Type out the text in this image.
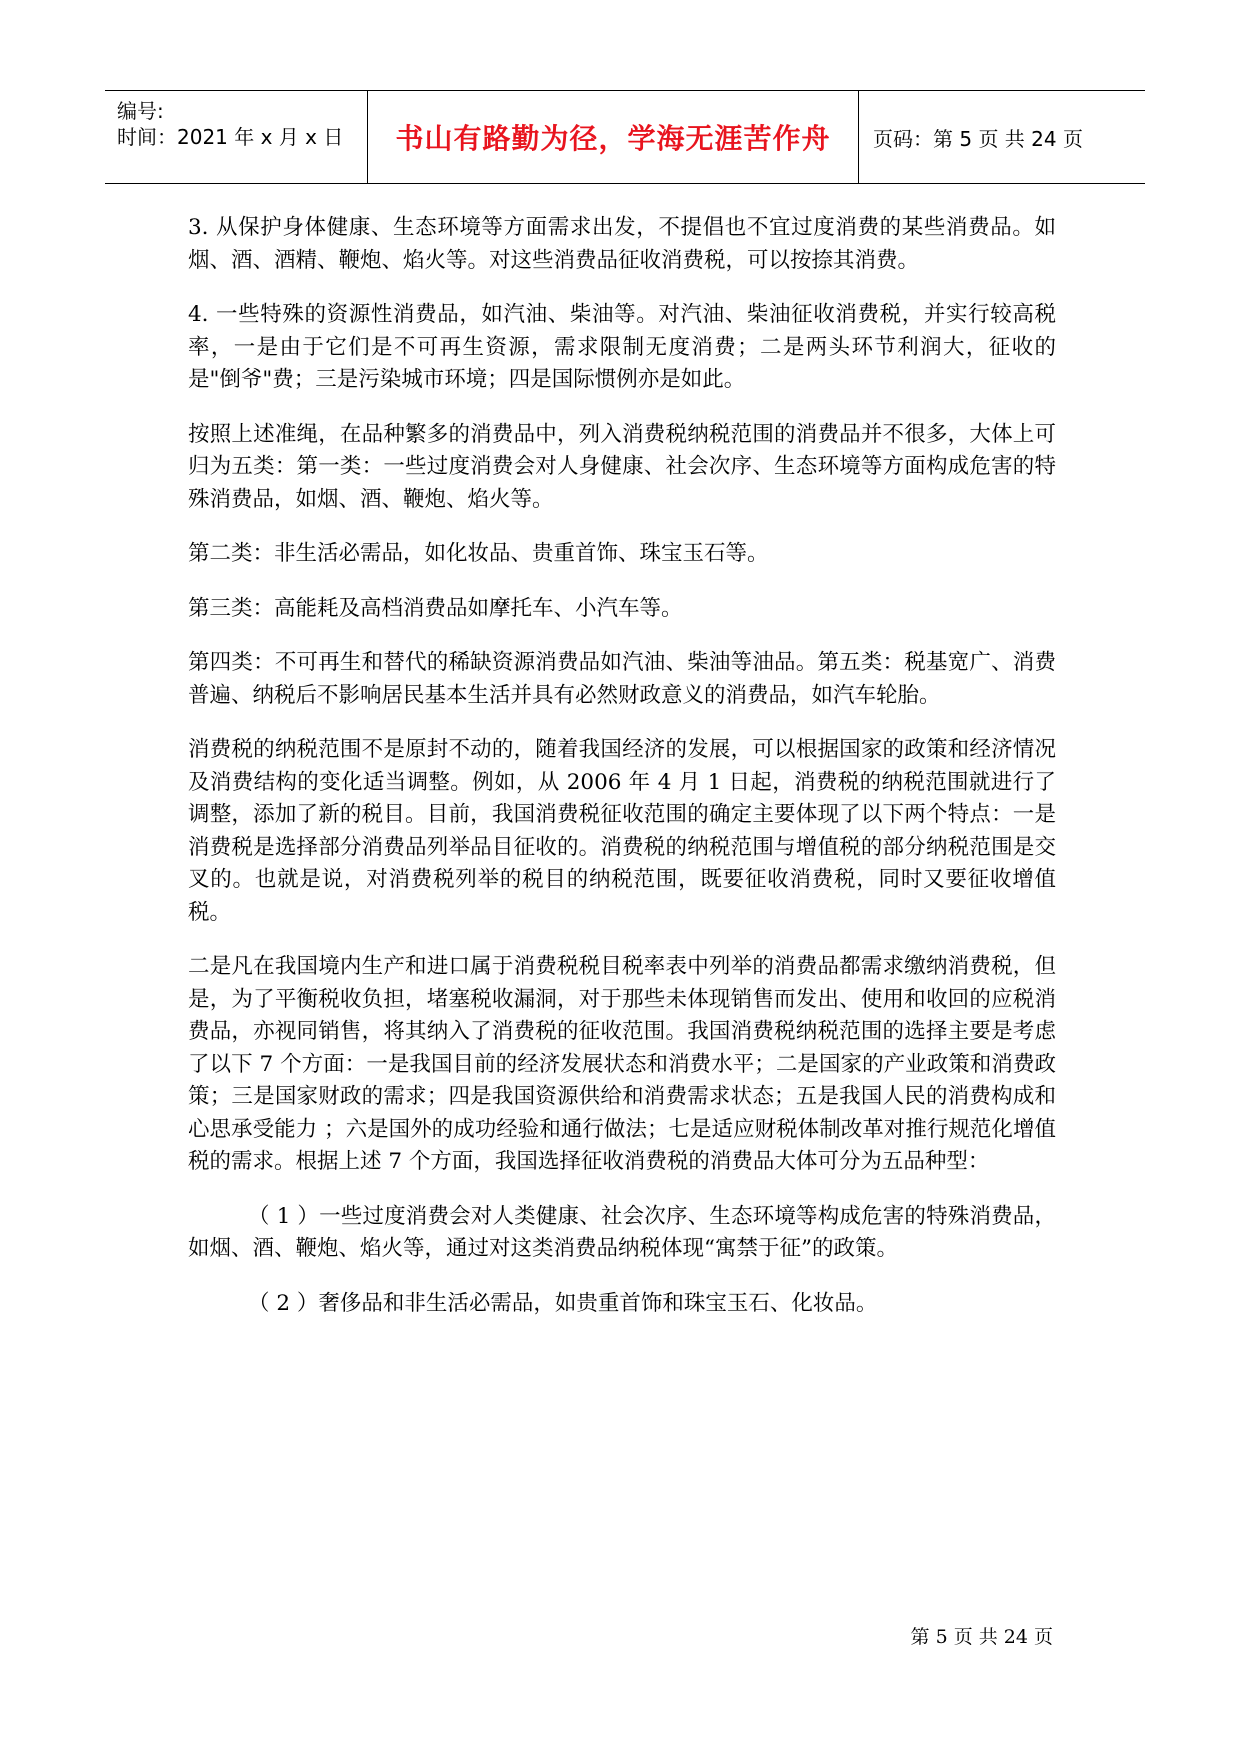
编号:
时间：2021 年 x 月 x 日	书山有路勤为径，学海无涯苦作舟	页码：第 5 页 共 24 页

3. 从保护身体健康、生态环境等方面需求出发，不提倡也不宜过度消费的某些消费品。如烟、酒、酒精、鞭炮、焰火等。对这些消费品征收消费税，可以按捺其消费。

4. 一些特殊的资源性消费品，如汽油、柴油等。对汽油、柴油征收消费税，并实行较高税率，一是由于它们是不可再生资源，需求限制无度消费；二是两头环节利润大，征收的是"倒爷"费；三是污染城市环境；四是国际惯例亦是如此。

按照上述准绳，在品种繁多的消费品中，列入消费税纳税范围的消费品并不很多，大体上可归为五类：第一类：一些过度消费会对人身健康、社会次序、生态环境等方面构成危害的特殊消费品，如烟、酒、鞭炮、焰火等。

第二类：非生活必需品，如化妆品、贵重首饰、珠宝玉石等。

第三类：高能耗及高档消费品如摩托车、小汽车等。

第四类：不可再生和替代的稀缺资源消费品如汽油、柴油等油品。第五类：税基宽广、消费普遍、纳税后不影响居民基本生活并具有必然财政意义的消费品，如汽车轮胎。

消费税的纳税范围不是原封不动的，随着我国经济的发展，可以根据国家的政策和经济情况及消费结构的变化适当调整。例如，从 2006 年 4 月 1 日起，消费税的纳税范围就进行了调整，添加了新的税目。目前，我国消费税征收范围的确定主要体现了以下两个特点：一是消费税是选择部分消费品列举品目征收的。消费税的纳税范围与增值税的部分纳税范围是交叉的。也就是说，对消费税列举的税目的纳税范围，既要征收消费税，同时又要征收增值税。

二是凡在我国境内生产和进口属于消费税税目税率表中列举的消费品都需求缴纳消费税，但是，为了平衡税收负担，堵塞税收漏洞，对于那些未体现销售而发出、使用和收回的应税消费品，亦视同销售，将其纳入了消费税的征收范围。我国消费税纳税范围的选择主要是考虑了以下 7 个方面：一是我国目前的经济发展状态和消费水平；二是国家的产业政策和消费政策；三是国家财政的需求；四是我国资源供给和消费需求状态；五是我国人民的消费构成和心思承受能力 ；六是国外的成功经验和通行做法；七是适应财税体制改革对推行规范化增值税的需求。根据上述 7 个方面，我国选择征收消费税的消费品大体可分为五品种型：

（ 1 ）一些过度消费会对人类健康、社会次序、生态环境等构成危害的特殊消费品，如烟、酒、鞭炮、焰火等，通过对这类消费品纳税体现“寓禁于征”的政策。

（ 2 ）奢侈品和非生活必需品，如贵重首饰和珠宝玉石、化妆品。

第 5 页 共 24 页
